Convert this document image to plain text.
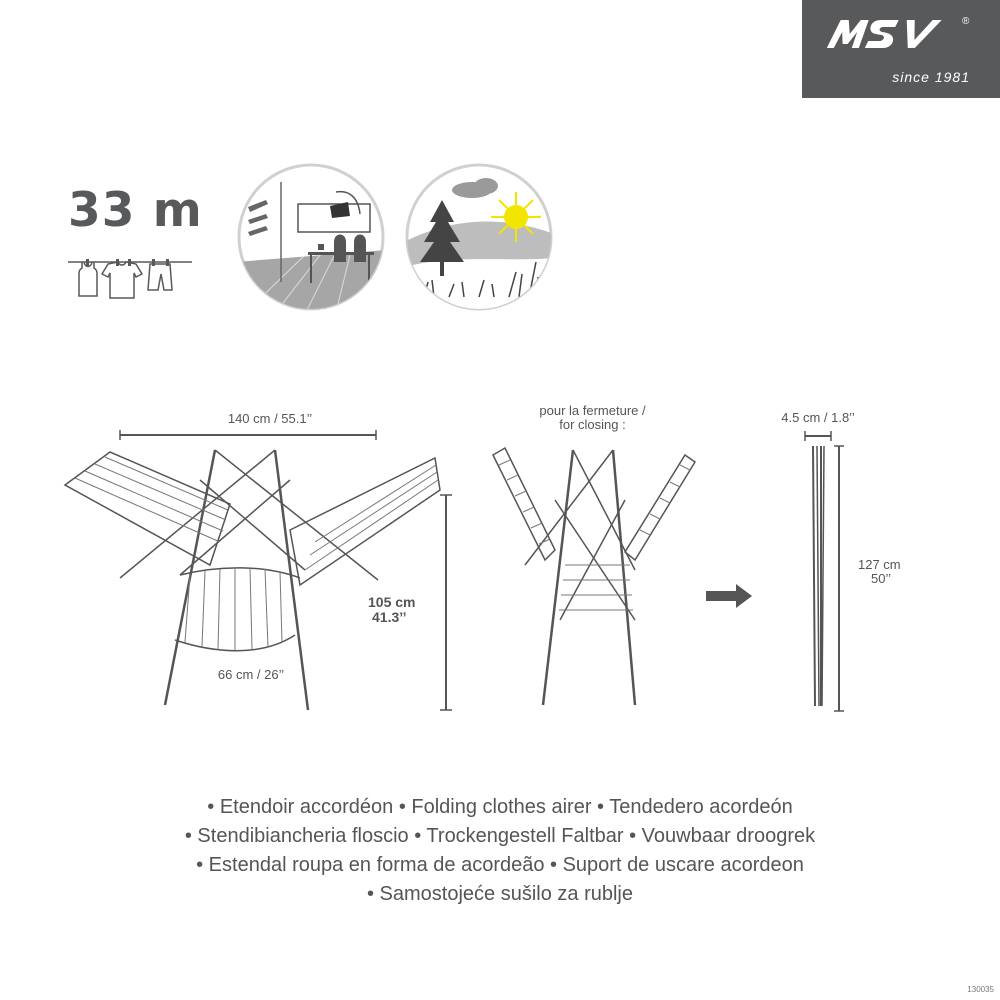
®
since 1981
33 m
140 cm / 55.1’’
105 cm
41.3’’
66 cm / 26’’
pour la fermeture /
for closing :	4.5 cm / 1.8’’
127 cm
50’’
• Etendoir accordéon • Folding clothes airer • Tendedero acordeón
• Stendibiancheria floscio • Trockengestell Faltbar • Vouwbaar droogrek
• Estendal roupa en forma de acordeão • Suport de uscare acordeon
• Samostojeće sušilo za rublje
130035
